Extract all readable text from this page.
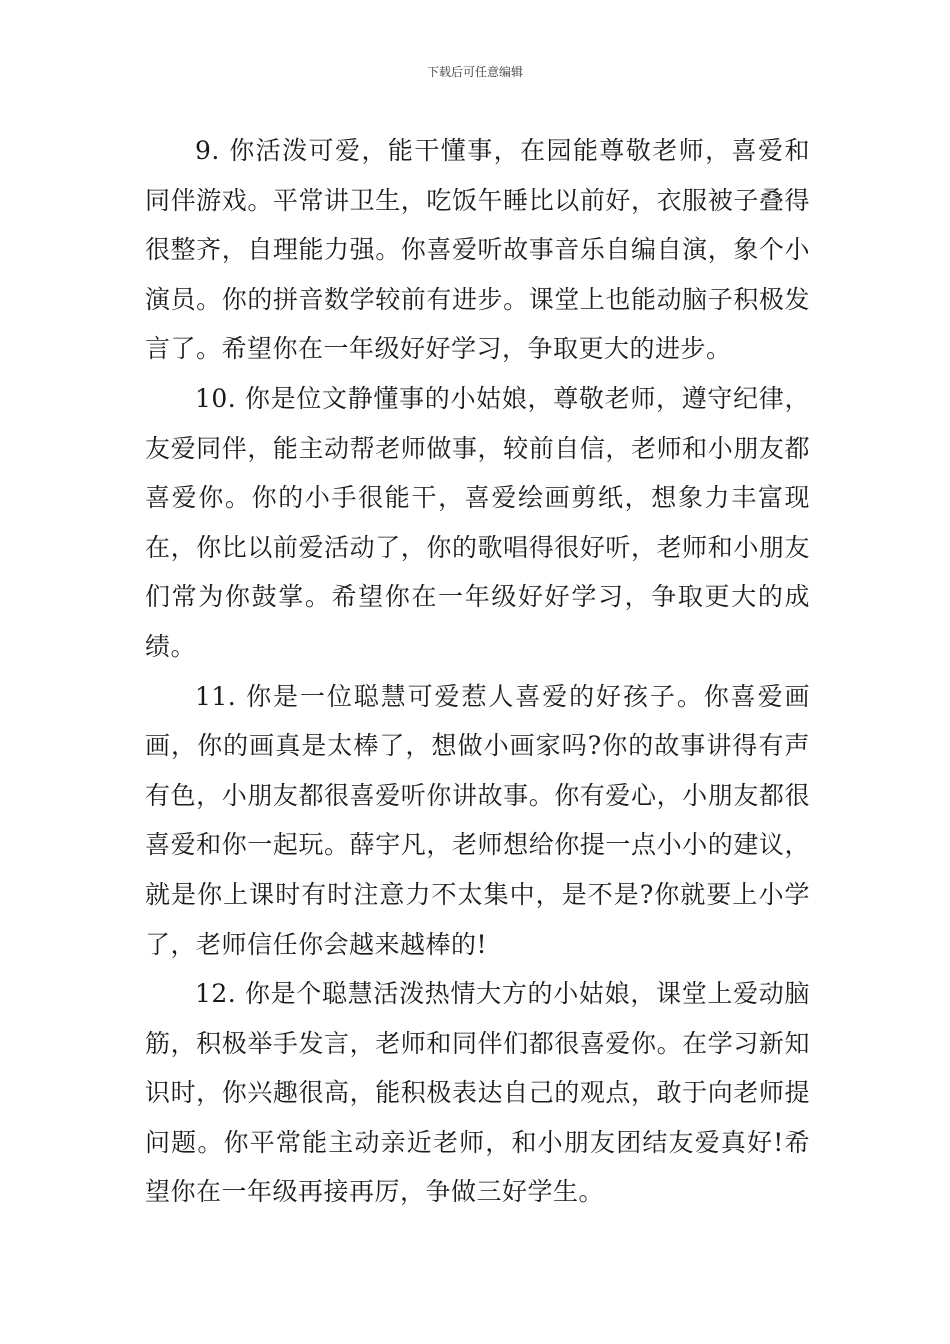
下载后可任意编辑

9. 你活泼可爱，能干懂事，在园能尊敬老师，喜爱和同伴游戏。平常讲卫生，吃饭午睡比以前好，衣服被子叠得很整齐，自理能力强。你喜爱听故事音乐自编自演，象个小演员。你的拼音数学较前有进步。课堂上也能动脑子积极发言了。希望你在一年级好好学习，争取更大的进步。

10. 你是位文静懂事的小姑娘，尊敬老师，遵守纪律，友爱同伴，能主动帮老师做事，较前自信，老师和小朋友都喜爱你。你的小手很能干，喜爱绘画剪纸，想象力丰富现在，你比以前爱活动了，你的歌唱得很好听，老师和小朋友们常为你鼓掌。希望你在一年级好好学习，争取更大的成绩。

11. 你是一位聪慧可爱惹人喜爱的好孩子。你喜爱画画，你的画真是太棒了，想做小画家吗?你的故事讲得有声有色，小朋友都很喜爱听你讲故事。你有爱心，小朋友都很喜爱和你一起玩。薛宇凡，老师想给你提一点小小的建议，就是你上课时有时注意力不太集中，是不是?你就要上小学了，老师信任你会越来越棒的!

12. 你是个聪慧活泼热情大方的小姑娘，课堂上爱动脑筋，积极举手发言，老师和同伴们都很喜爱你。在学习新知识时，你兴趣很高，能积极表达自己的观点，敢于向老师提问题。你平常能主动亲近老师，和小朋友团结友爱真好!希望你在一年级再接再厉，争做三好学生。
